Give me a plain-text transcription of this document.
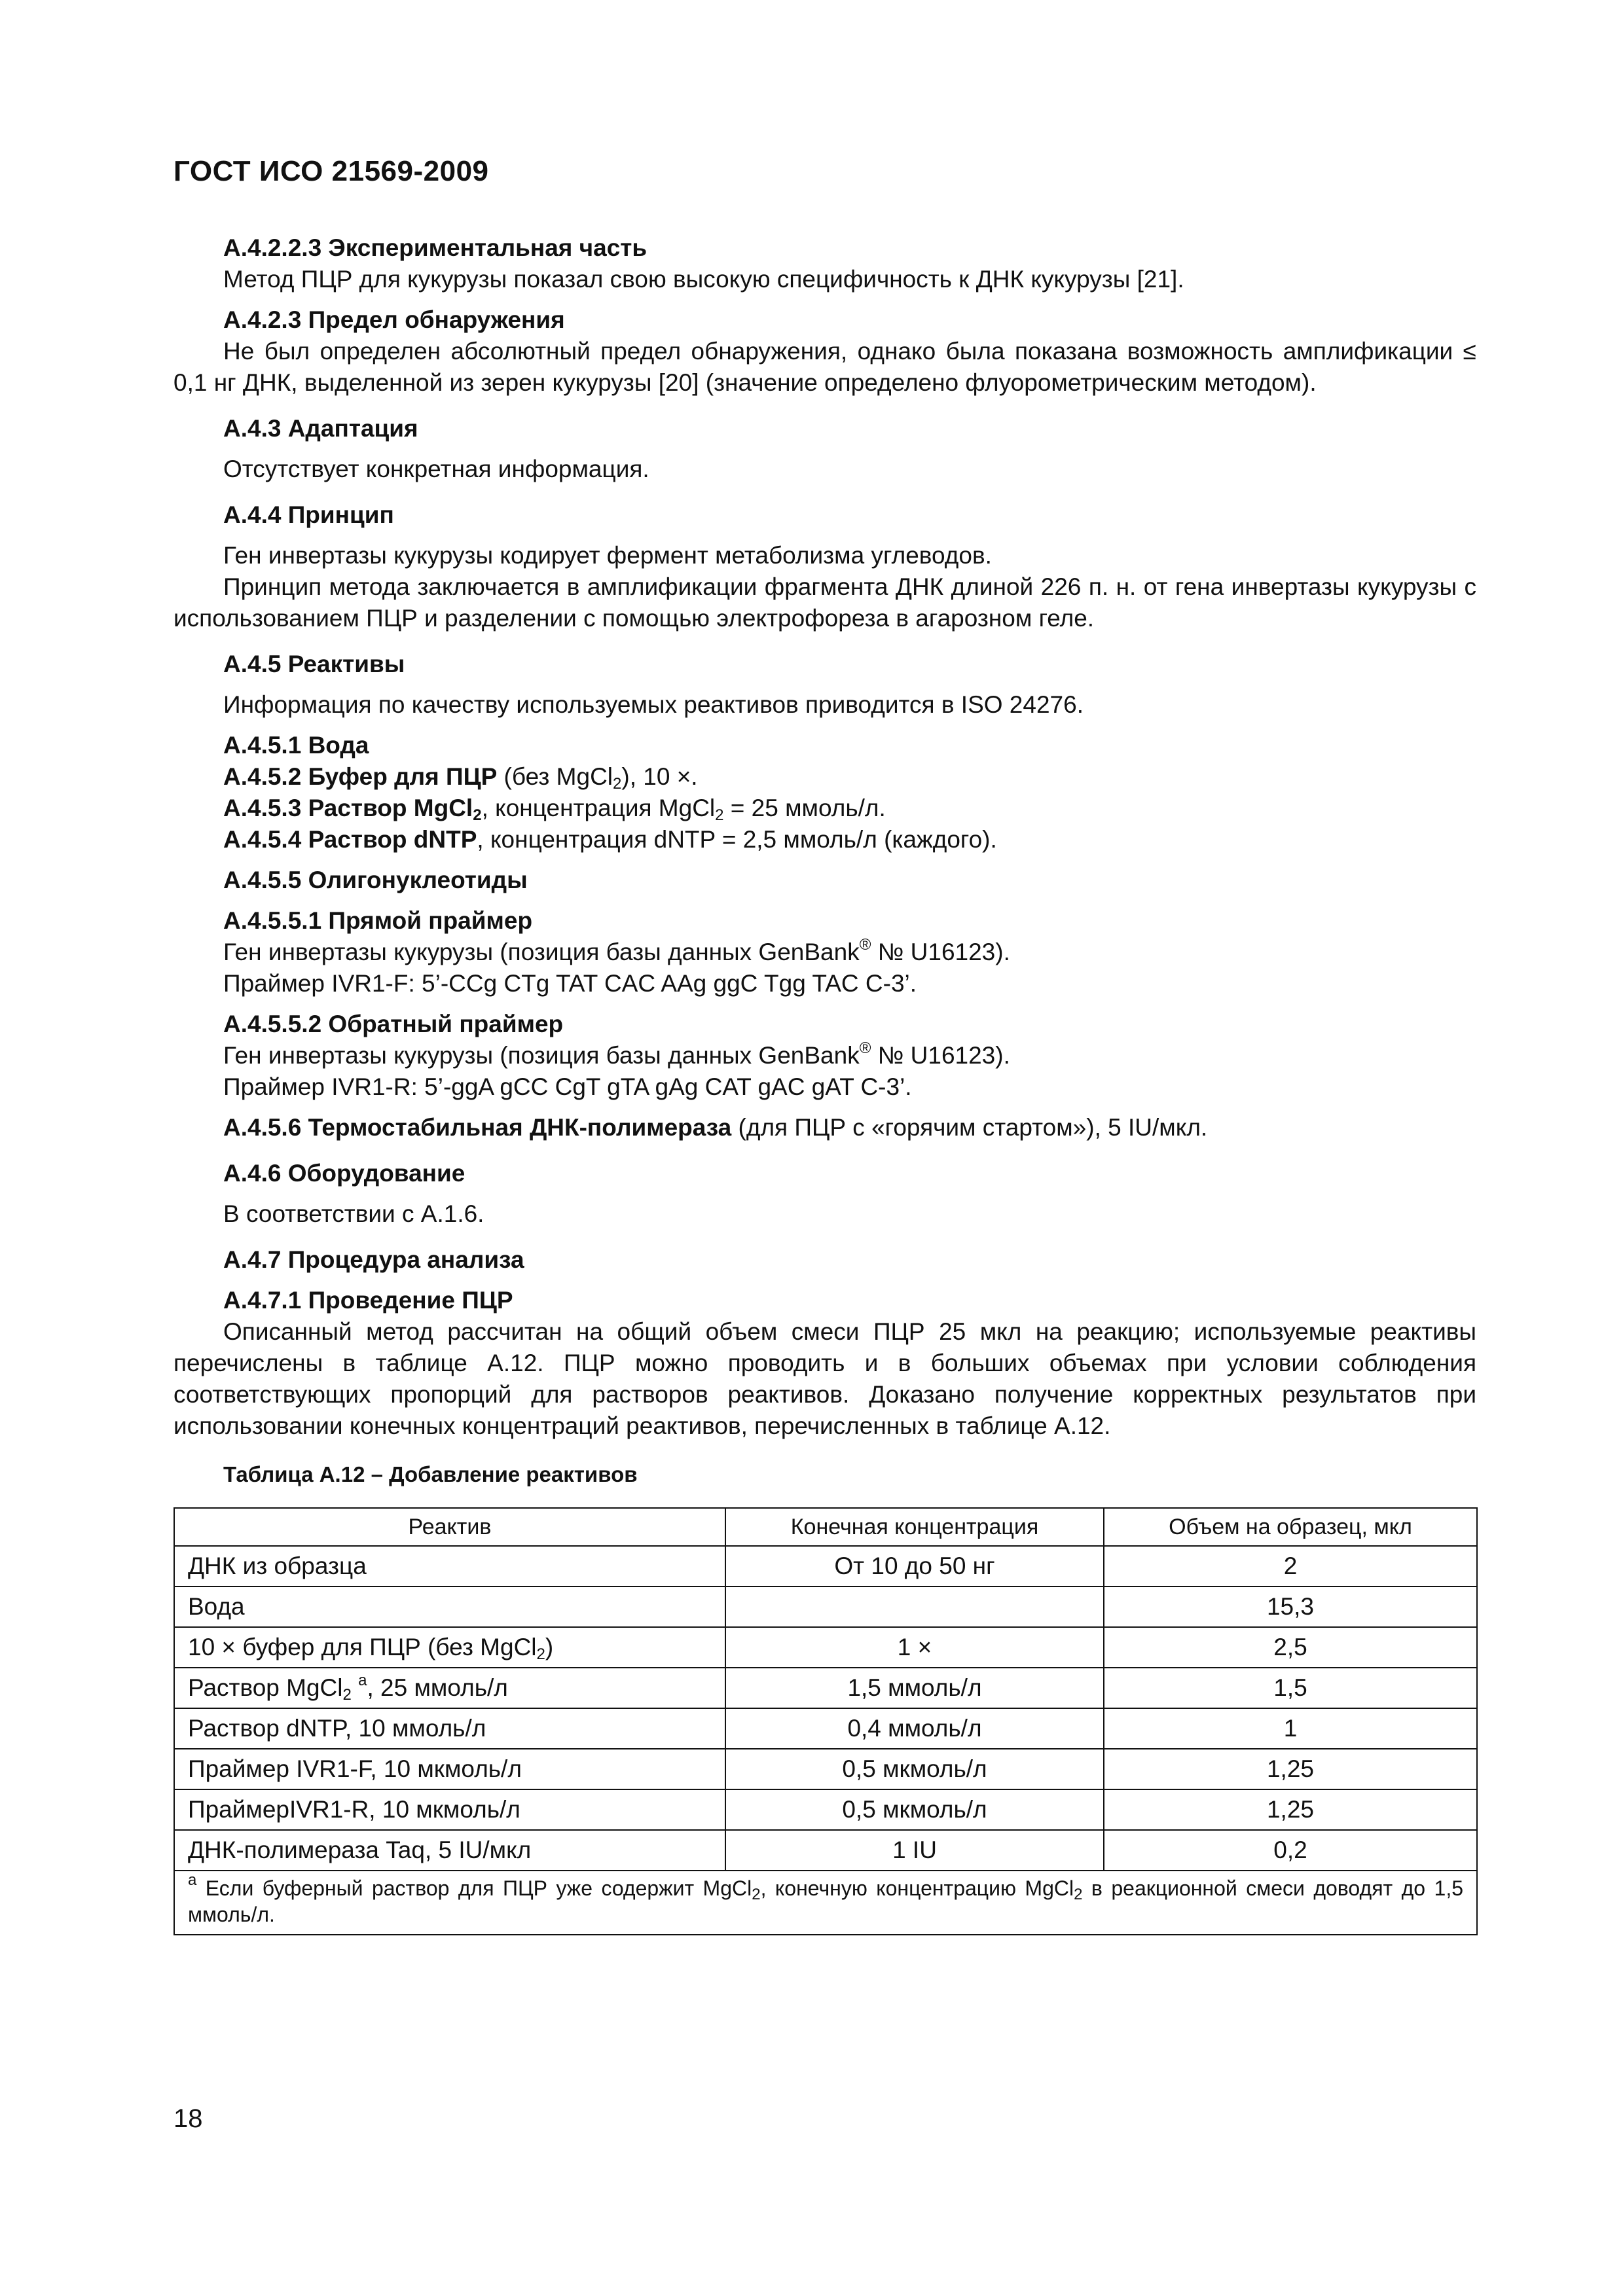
ГОСТ ИСО 21569-2009
А.4.2.2.3 Экспериментальная часть
Метод ПЦР для кукурузы показал свою высокую специфичность к ДНК кукурузы [21].
А.4.2.3 Предел обнаружения
Не был определен абсолютный предел обнаружения, однако была показана возможность амплификации ≤ 0,1 нг ДНК, выделенной из зерен кукурузы [20] (значение определено флуорометрическим методом).
А.4.3 Адаптация
Отсутствует конкретная информация.
А.4.4 Принцип
Ген инвертазы кукурузы кодирует фермент метаболизма углеводов.
Принцип метода заключается в амплификации фрагмента ДНК длиной 226 п. н. от гена инвертазы кукурузы с использованием ПЦР и разделении с помощью электрофореза в агарозном геле.
А.4.5 Реактивы
Информация по качеству используемых реактивов приводится в ISO 24276.
А.4.5.1 Вода
А.4.5.2 Буфер для ПЦР (без MgCl$_2$), 10 ×.
А.4.5.3 Раствор MgCl$_2$, концентрация MgCl$_2$ = 25 ммоль/л.
А.4.5.4 Раствор dNTP, концентрация dNTP = 2,5 ммоль/л (каждого).
А.4.5.5 Олигонуклеотиды
А.4.5.5.1 Прямой праймер
Ген инвертазы кукурузы (позиция базы данных GenBank® № U16123).
Праймер IVR1-F: 5’-CCg CTg TAT CAC AAg ggC Tgg TAC C-3’.
А.4.5.5.2 Обратный праймер
Ген инвертазы кукурузы (позиция базы данных GenBank® № U16123).
Праймер IVR1-R: 5’-ggA gCC CgT gTA gAg CAT gAC gAT C-3’.
А.4.5.6 Термостабильная ДНК-полимераза (для ПЦР с «горячим стартом»), 5 IU/мкл.
А.4.6 Оборудование
В соответствии с А.1.6.
А.4.7 Процедура анализа
А.4.7.1 Проведение ПЦР
Описанный метод рассчитан на общий объем смеси ПЦР 25 мкл на реакцию; используемые реактивы перечислены в таблице А.12. ПЦР можно проводить и в больших объемах при условии соблюдения соответствующих пропорций для растворов реактивов. Доказано получение корректных результатов при использовании конечных концентраций реактивов, перечисленных в таблице А.12.
Таблица А.12 – Добавление реактивов
Реактив	Конечная концентрация	Объем на образец, мкл
ДНК из образца	От 10 до 50 нг	2
Вода		15,3
10 × буфер для ПЦР (без MgCl$_2$)	1 ×	2,5
Раствор MgCl$_2$ $^a$, 25 ммоль/л	1,5 ммоль/л	1,5
Раствор dNTP, 10 ммоль/л	0,4 ммоль/л	1
Праймер IVR1-F, 10 мкмоль/л	0,5 мкмоль/л	1,25
ПраймерIVR1-R, 10 мкмоль/л	0,5 мкмоль/л	1,25
ДНК-полимераза Taq, 5 IU/мкл	1 IU	0,2
$^a$ Если буферный раствор для ПЦР уже содержит MgCl$_2$, конечную концентрацию MgCl$_2$ в реакционной смеси доводят до 1,5 ммоль/л.		
18
